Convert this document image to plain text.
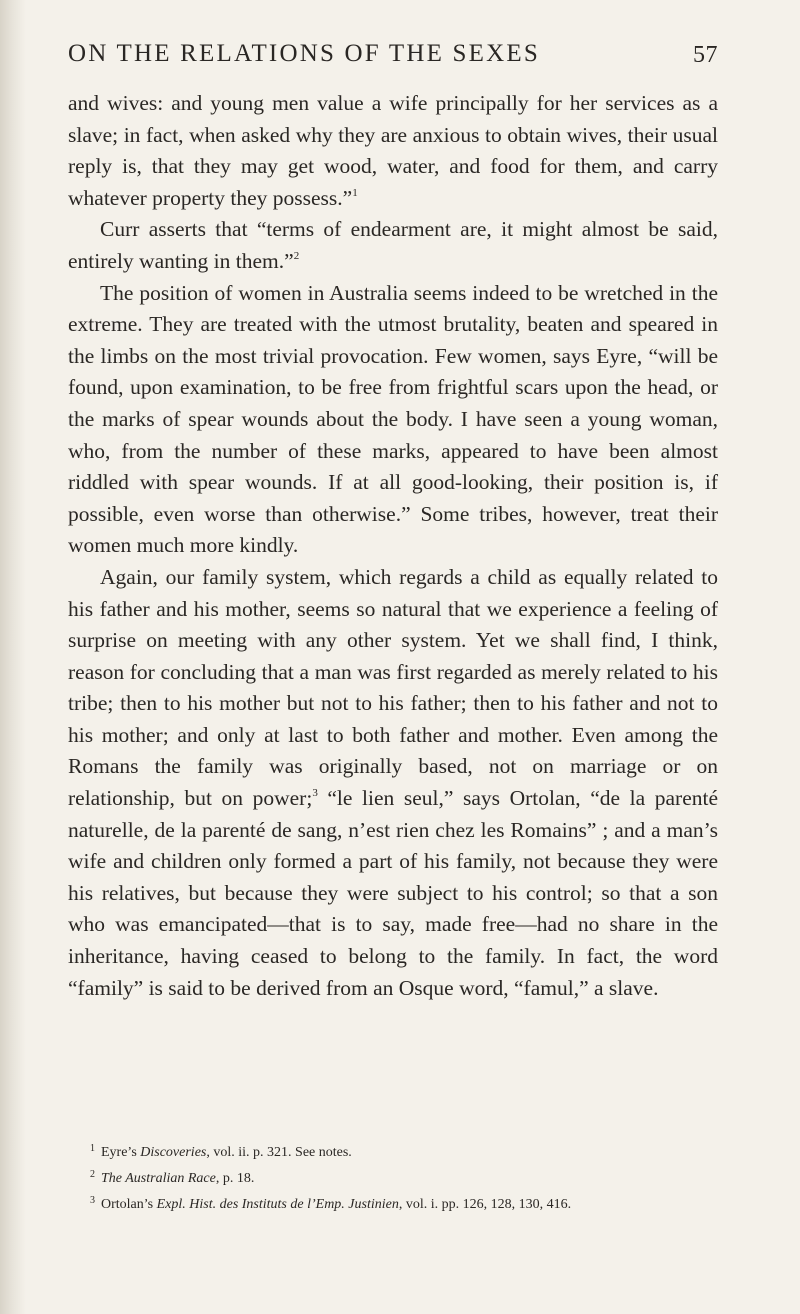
ON THE RELATIONS OF THE SEXES	57

and wives: and young men value a wife principally for her services as a slave; in fact, when asked why they are anxious to obtain wives, their usual reply is, that they may get wood, water, and food for them, and carry whatever property they possess.”$^1$

Curr asserts that “terms of endearment are, it might almost be said, entirely wanting in them.”$^2$

The position of women in Australia seems indeed to be wretched in the extreme. They are treated with the utmost brutality, beaten and speared in the limbs on the most trivial provocation. Few women, says Eyre, “will be found, upon examination, to be free from frightful scars upon the head, or the marks of spear wounds about the body. I have seen a young woman, who, from the number of these marks, appeared to have been almost riddled with spear wounds. If at all good-looking, their position is, if possible, even worse than otherwise.” Some tribes, however, treat their women much more kindly.

Again, our family system, which regards a child as equally related to his father and his mother, seems so natural that we experience a feeling of surprise on meeting with any other system. Yet we shall find, I think, reason for concluding that a man was first regarded as merely related to his tribe; then to his mother but not to his father; then to his father and not to his mother; and only at last to both father and mother. Even among the Romans the family was originally based, not on marriage or on relationship, but on power;$^3$ “le lien seul,” says Ortolan, “de la parenté naturelle, de la parenté de sang, n’est rien chez les Romains” ; and a man’s wife and children only formed a part of his family, not because they were his relatives, but because they were subject to his control; so that a son who was emancipated—that is to say, made free—had no share in the inheritance, having ceased to belong to the family. In fact, the word “family” is said to be derived from an Osque word, “famul,” a slave.

$^1$ Eyre’s Discoveries, vol. ii. p. 321. See notes.
$^2$ The Australian Race, p. 18.
$^3$ Ortolan’s Expl. Hist. des Instituts de l’Emp. Justinien, vol. i. pp. 126, 128, 130, 416.
